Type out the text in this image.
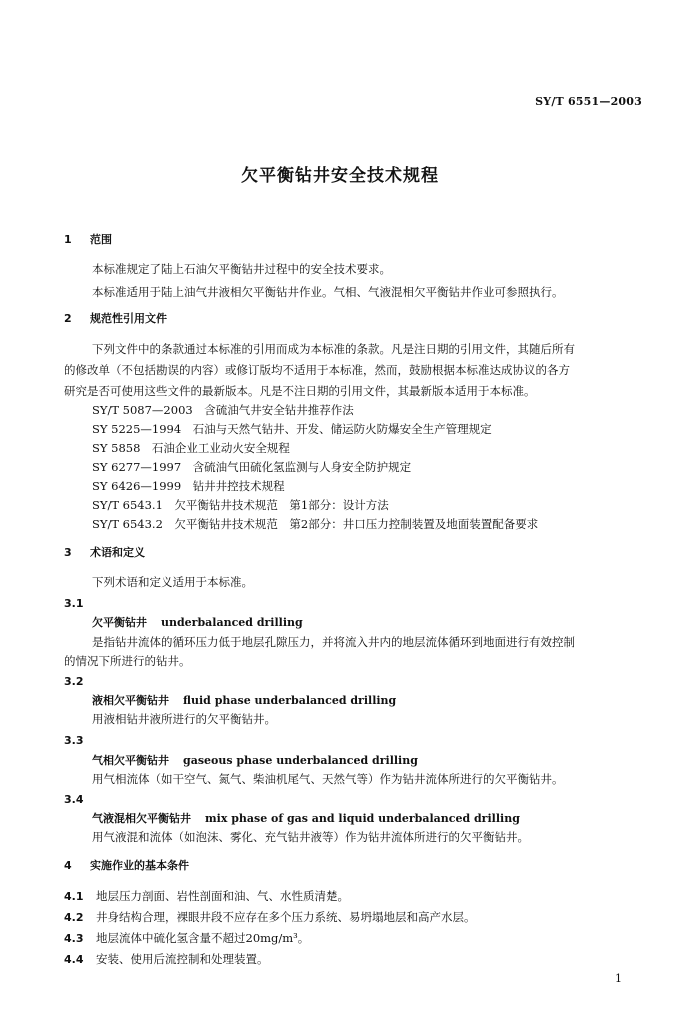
SY/T 6551—2003
欠平衡钻井安全技术规程
1 范围
本标准规定了陆上石油欠平衡钻井过程中的安全技术要求。
本标准适用于陆上油气井液相欠平衡钻井作业。气相、气液混相欠平衡钻井作业可参照执行。
2 规范性引用文件
下列文件中的条款通过本标准的引用而成为本标准的条款。凡是注日期的引用文件，其随后所有
的修改单（不包括勘误的内容）或修订版均不适用于本标准，然而，鼓励根据本标准达成协议的各方
研究是否可使用这些文件的最新版本。凡是不注日期的引用文件，其最新版本适用于本标准。
SY/T 5087—2003　含硫油气井安全钻井推荐作法
SY 5225—1994　石油与天然气钻井、开发、储运防火防爆安全生产管理规定
SY 5858　石油企业工业动火安全规程
SY 6277—1997　含硫油气田硫化氢监测与人身安全防护规定
SY 6426—1999　钻井井控技术规程
SY/T 6543.1　欠平衡钻井技术规范　第1部分：设计方法
SY/T 6543.2　欠平衡钻井技术规范　第2部分：井口压力控制装置及地面装置配备要求
3 术语和定义
下列术语和定义适用于本标准。
3.1
欠平衡钻井 underbalanced drilling
是指钻井流体的循环压力低于地层孔隙压力，并将流入井内的地层流体循环到地面进行有效控制
的情况下所进行的钻井。
3.2
液相欠平衡钻井 fluid phase underbalanced drilling
用液相钻井液所进行的欠平衡钻井。
3.3
气相欠平衡钻井 gaseous phase underbalanced drilling
用气相流体（如干空气、氮气、柴油机尾气、天然气等）作为钻井流体所进行的欠平衡钻井。
3.4
气液混相欠平衡钻井 mix phase of gas and liquid underbalanced drilling
用气液混和流体（如泡沫、雾化、充气钻井液等）作为钻井流体所进行的欠平衡钻井。
4 实施作业的基本条件
4.1 地层压力剖面、岩性剖面和油、气、水性质清楚。
4.2 井身结构合理，裸眼井段不应存在多个压力系统、易坍塌地层和高产水层。
4.3 地层流体中硫化氢含量不超过20mg/m³。
4.4 安装、使用后流控制和处理装置。
1
